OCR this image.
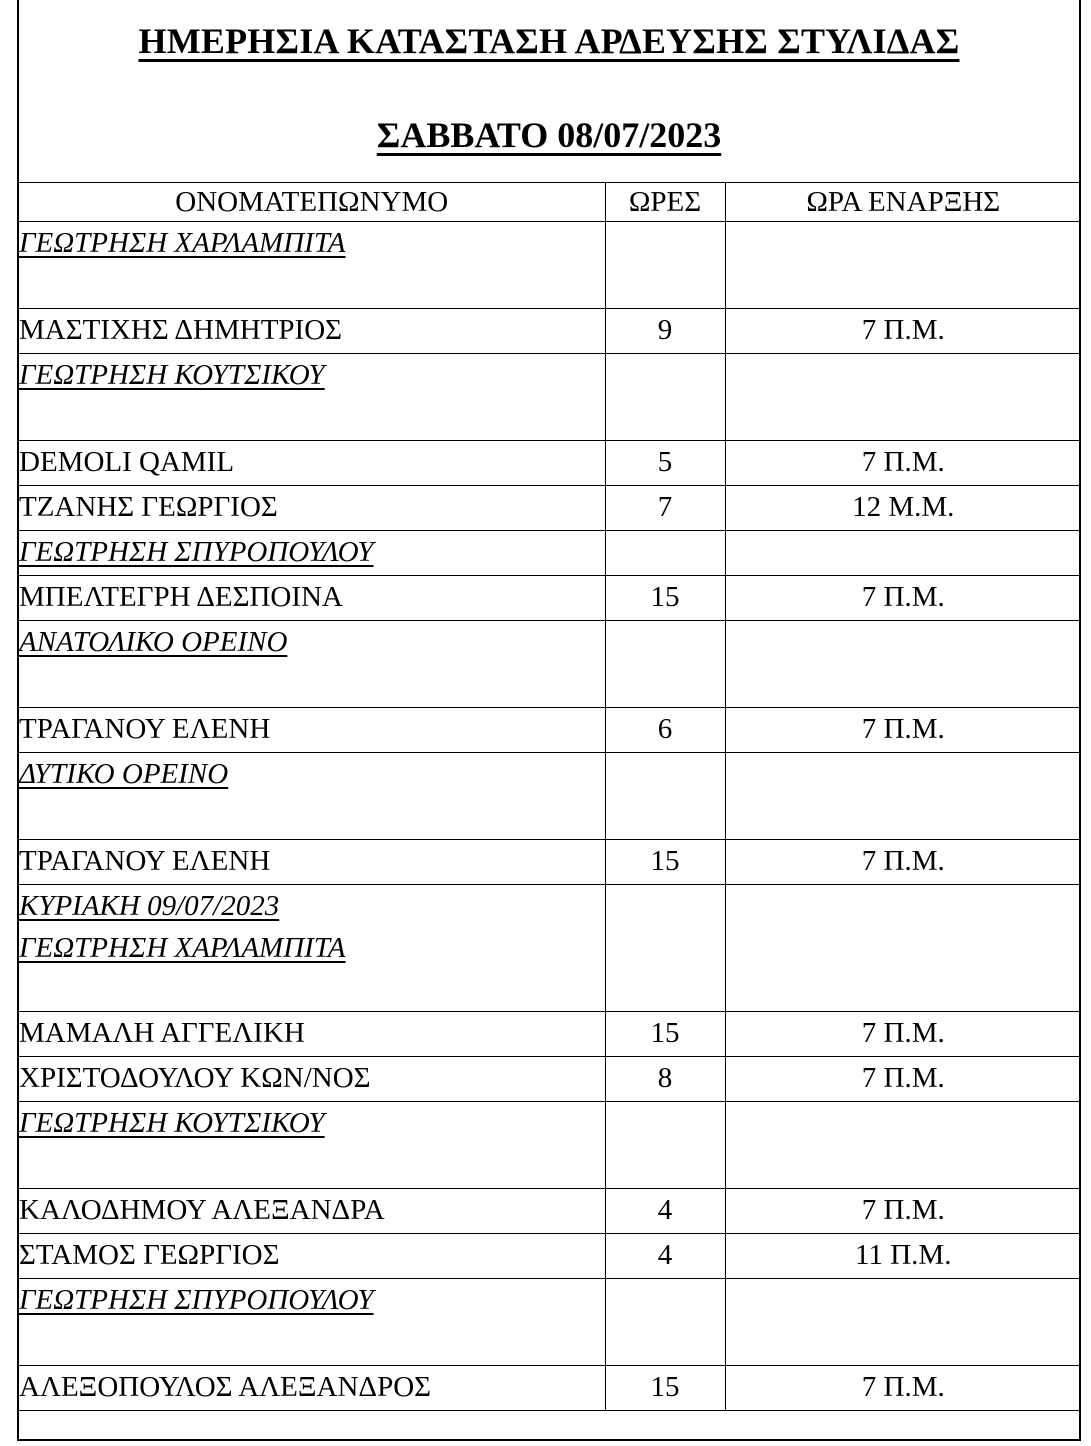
ΗΜΕΡΗΣΙΑ ΚΑΤΑΣΤΑΣΗ ΑΡΔΕΥΣΗΣ ΣΤΥΛΙΔΑΣ
ΣΑΒΒΑΤΟ 08/07/2023
ΟΝΟΜΑΤΕΠΩΝΥΜΟ	ΩΡΕΣ	ΩΡΑ ΕΝΑΡΞΗΣ

ΓΕΩΤΡΗΣΗ ΧΑΡΛΑΜΠΙΤΑ		

ΜΑΣΤΙΧΗΣ ΔΗΜΗΤΡΙΟΣ	9	7 Π.Μ.

ΓΕΩΤΡΗΣΗ ΚΟΥΤΣΙΚΟΥ		

DEMOLI QAMIL	5	7 Π.Μ.
ΤΖΑΝΗΣ ΓΕΩΡΓΙΟΣ	7	12 Μ.Μ.

ΓΕΩΤΡΗΣΗ ΣΠΥΡΟΠΟΥΛΟΥ		

ΜΠΕΛΤΕΓΡΗ ΔΕΣΠΟΙΝΑ	15	7 Π.Μ.

ΑΝΑΤΟΛΙΚΟ ΟΡΕΙΝΟ		

ΤΡΑΓΑΝΟΥ ΕΛΕΝΗ	6	7 Π.Μ.

ΔΥΤΙΚΟ ΟΡΕΙΝΟ		

ΤΡΑΓΑΝΟΥ ΕΛΕΝΗ	15	7 Π.Μ.

ΚΥΡΙΑΚΗ 09/07/2023
ΓΕΩΤΡΗΣΗ ΧΑΡΛΑΜΠΙΤΑ		

ΜΑΜΑΛΗ ΑΓΓΕΛΙΚΗ	15	7 Π.Μ.
ΧΡΙΣΤΟΔΟΥΛΟΥ ΚΩΝ/ΝΟΣ	8	7 Π.Μ.

ΓΕΩΤΡΗΣΗ ΚΟΥΤΣΙΚΟΥ		

ΚΑΛΟΔΗΜΟΥ ΑΛΕΞΑΝΔΡΑ	4	7 Π.Μ.
ΣΤΑΜΟΣ ΓΕΩΡΓΙΟΣ	4	11 Π.Μ.

ΓΕΩΤΡΗΣΗ ΣΠΥΡΟΠΟΥΛΟΥ		

ΑΛΕΞΟΠΟΥΛΟΣ ΑΛΕΞΑΝΔΡΟΣ	15	7 Π.Μ.
